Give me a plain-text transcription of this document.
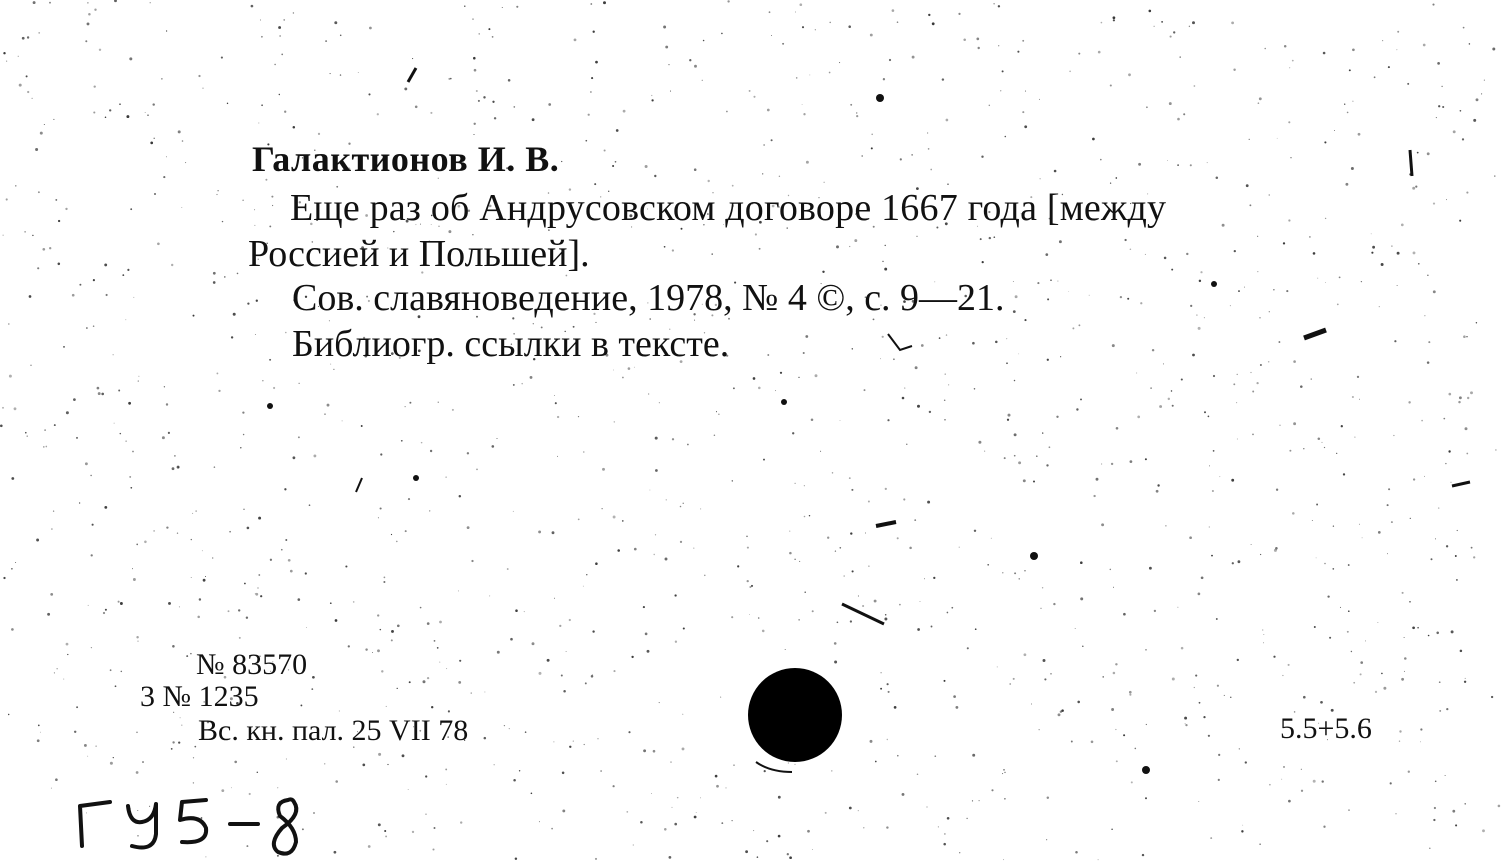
Галактионов И. В.
Еще раз об Андрусовском договоре 1667 года [между
Россией и Польшей].
Сов. славяноведение, 1978, № 4 ©, с. 9—21.
Библиогр. ссылки в тексте.
№ 83570
3 № 1235
Вс. кн. пал. 25 VII 78	5.5+5.6
